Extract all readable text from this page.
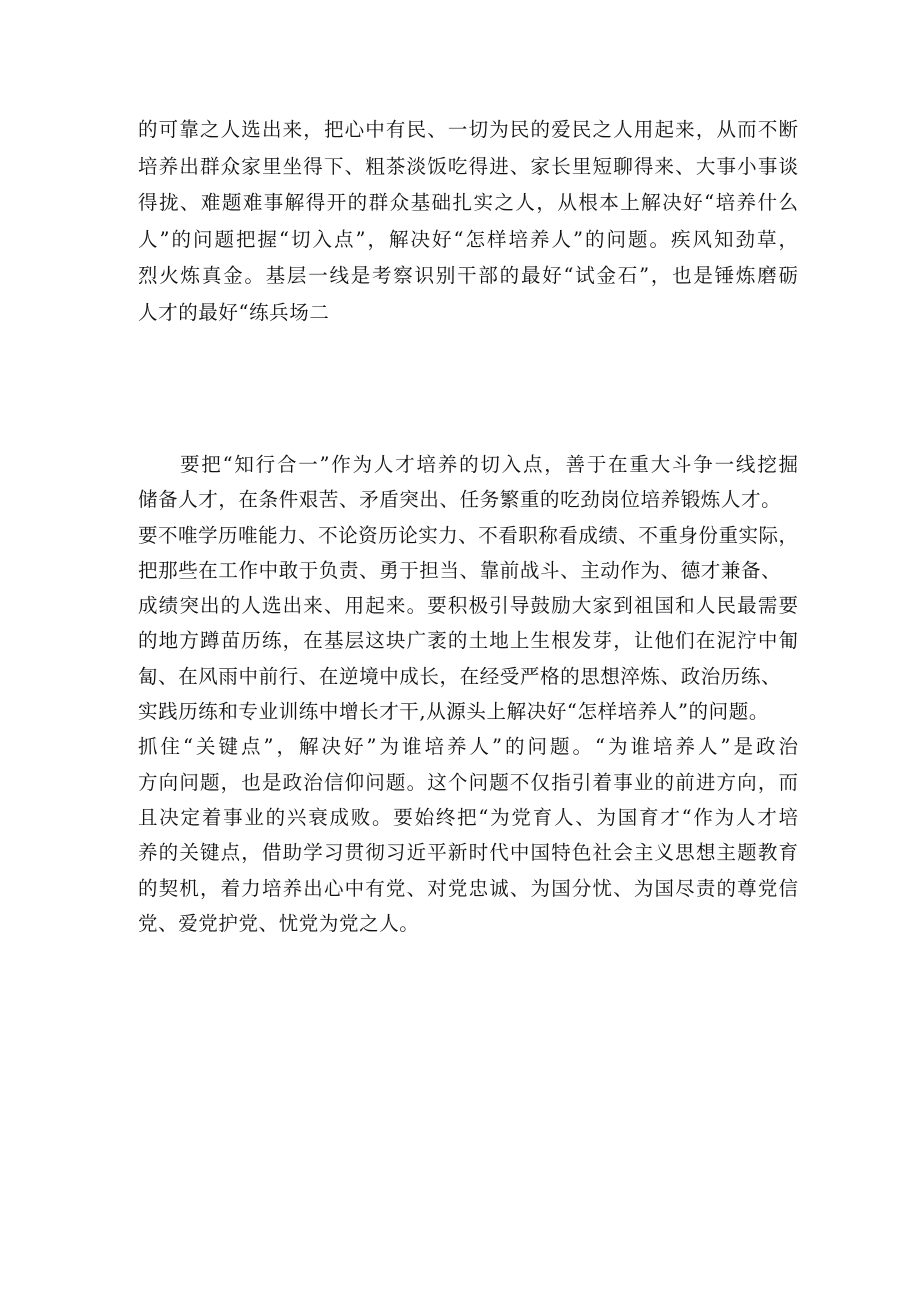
的可靠之人选出来，把心中有民、一切为民的爱民之人用起来，从而不断
培养出群众家里坐得下、粗茶淡饭吃得进、家长里短聊得来、大事小事谈
得拢、难题难事解得开的群众基础扎实之人，从根本上解决好“培养什么
人”的问题把握“切入点”，解决好“怎样培养人”的问题。疾风知劲草，
烈火炼真金。基层一线是考察识别干部的最好“试金石”，也是锤炼磨砺
人才的最好“练兵场二
要把“知行合一”作为人才培养的切入点，善于在重大斗争一线挖掘
储备人才，在条件艰苦、矛盾突出、任务繁重的吃劲岗位培养锻炼人才。
要不唯学历唯能力、不论资历论实力、不看职称看成绩、不重身份重实际，
把那些在工作中敢于负责、勇于担当、靠前战斗、主动作为、德才兼备、
成绩突出的人选出来、用起来。要积极引导鼓励大家到祖国和人民最需要
的地方蹲苗历练，在基层这块广袤的土地上生根发芽，让他们在泥泞中匍
匐、在风雨中前行、在逆境中成长，在经受严格的思想淬炼、政治历练、
实践历练和专业训练中增长才干,从源头上解决好“怎样培养人”的问题。
抓住“关键点”，解决好”为谁培养人”的问题。“为谁培养人”是政治
方向问题，也是政治信仰问题。这个问题不仅指引着事业的前进方向，而
且决定着事业的兴衰成败。要始终把“为党育人、为国育才“作为人才培
养的关键点，借助学习贯彻习近平新时代中国特色社会主义思想主题教育
的契机，着力培养出心中有党、对党忠诚、为国分忧、为国尽责的尊党信
党、爱党护党、忧党为党之人。
